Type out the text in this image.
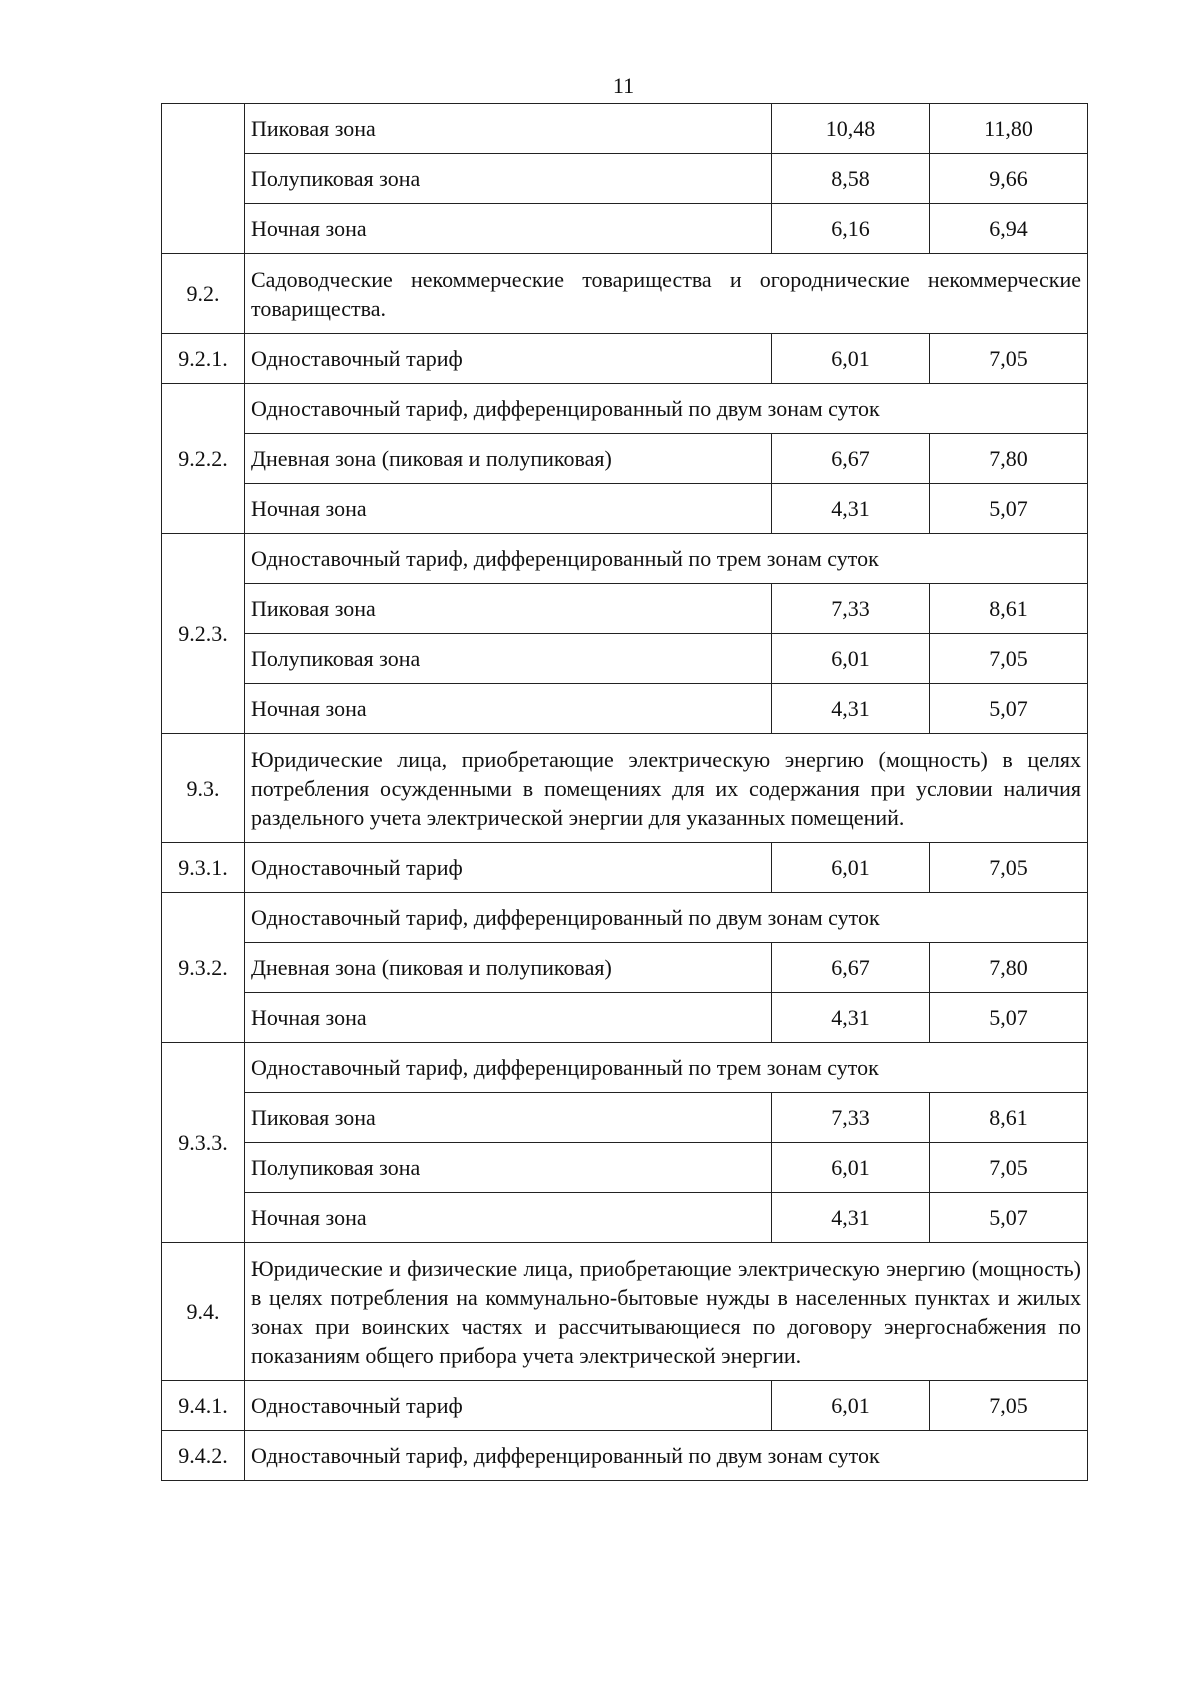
11
	Пиковая зона	10,48	11,80
	Полупиковая зона	8,58	9,66
	Ночная зона	6,16	6,94
9.2.	Садоводческие некоммерческие товарищества и огороднические некоммерческие товарищества.		
9.2.1.	Одноставочный тариф	6,01	7,05
9.2.2.	Одноставочный тариф, дифференцированный по двум зонам суток		
	Дневная зона (пиковая и полупиковая)	6,67	7,80
	Ночная зона	4,31	5,07
9.2.3.	Одноставочный тариф, дифференцированный по трем зонам суток		
	Пиковая зона	7,33	8,61
	Полупиковая зона	6,01	7,05
	Ночная зона	4,31	5,07
9.3.	Юридические лица, приобретающие электрическую энергию (мощность) в целях потребления осужденными в помещениях для их содержания при условии наличия раздельного учета электрической энергии для указанных помещений.		
9.3.1.	Одноставочный тариф	6,01	7,05
9.3.2.	Одноставочный тариф, дифференцированный по двум зонам суток		
	Дневная зона (пиковая и полупиковая)	6,67	7,80
	Ночная зона	4,31	5,07
9.3.3.	Одноставочный тариф, дифференцированный по трем зонам суток		
	Пиковая зона	7,33	8,61
	Полупиковая зона	6,01	7,05
	Ночная зона	4,31	5,07
9.4.	Юридические и физические лица, приобретающие электрическую энергию (мощность) в целях потребления на коммунально-бытовые нужды в населенных пунктах и жилых зонах при воинских частях и рассчитывающиеся по договору энергоснабжения по показаниям общего прибора учета электрической энергии.		
9.4.1.	Одноставочный тариф	6,01	7,05
9.4.2.	Одноставочный тариф, дифференцированный по двум зонам суток		
